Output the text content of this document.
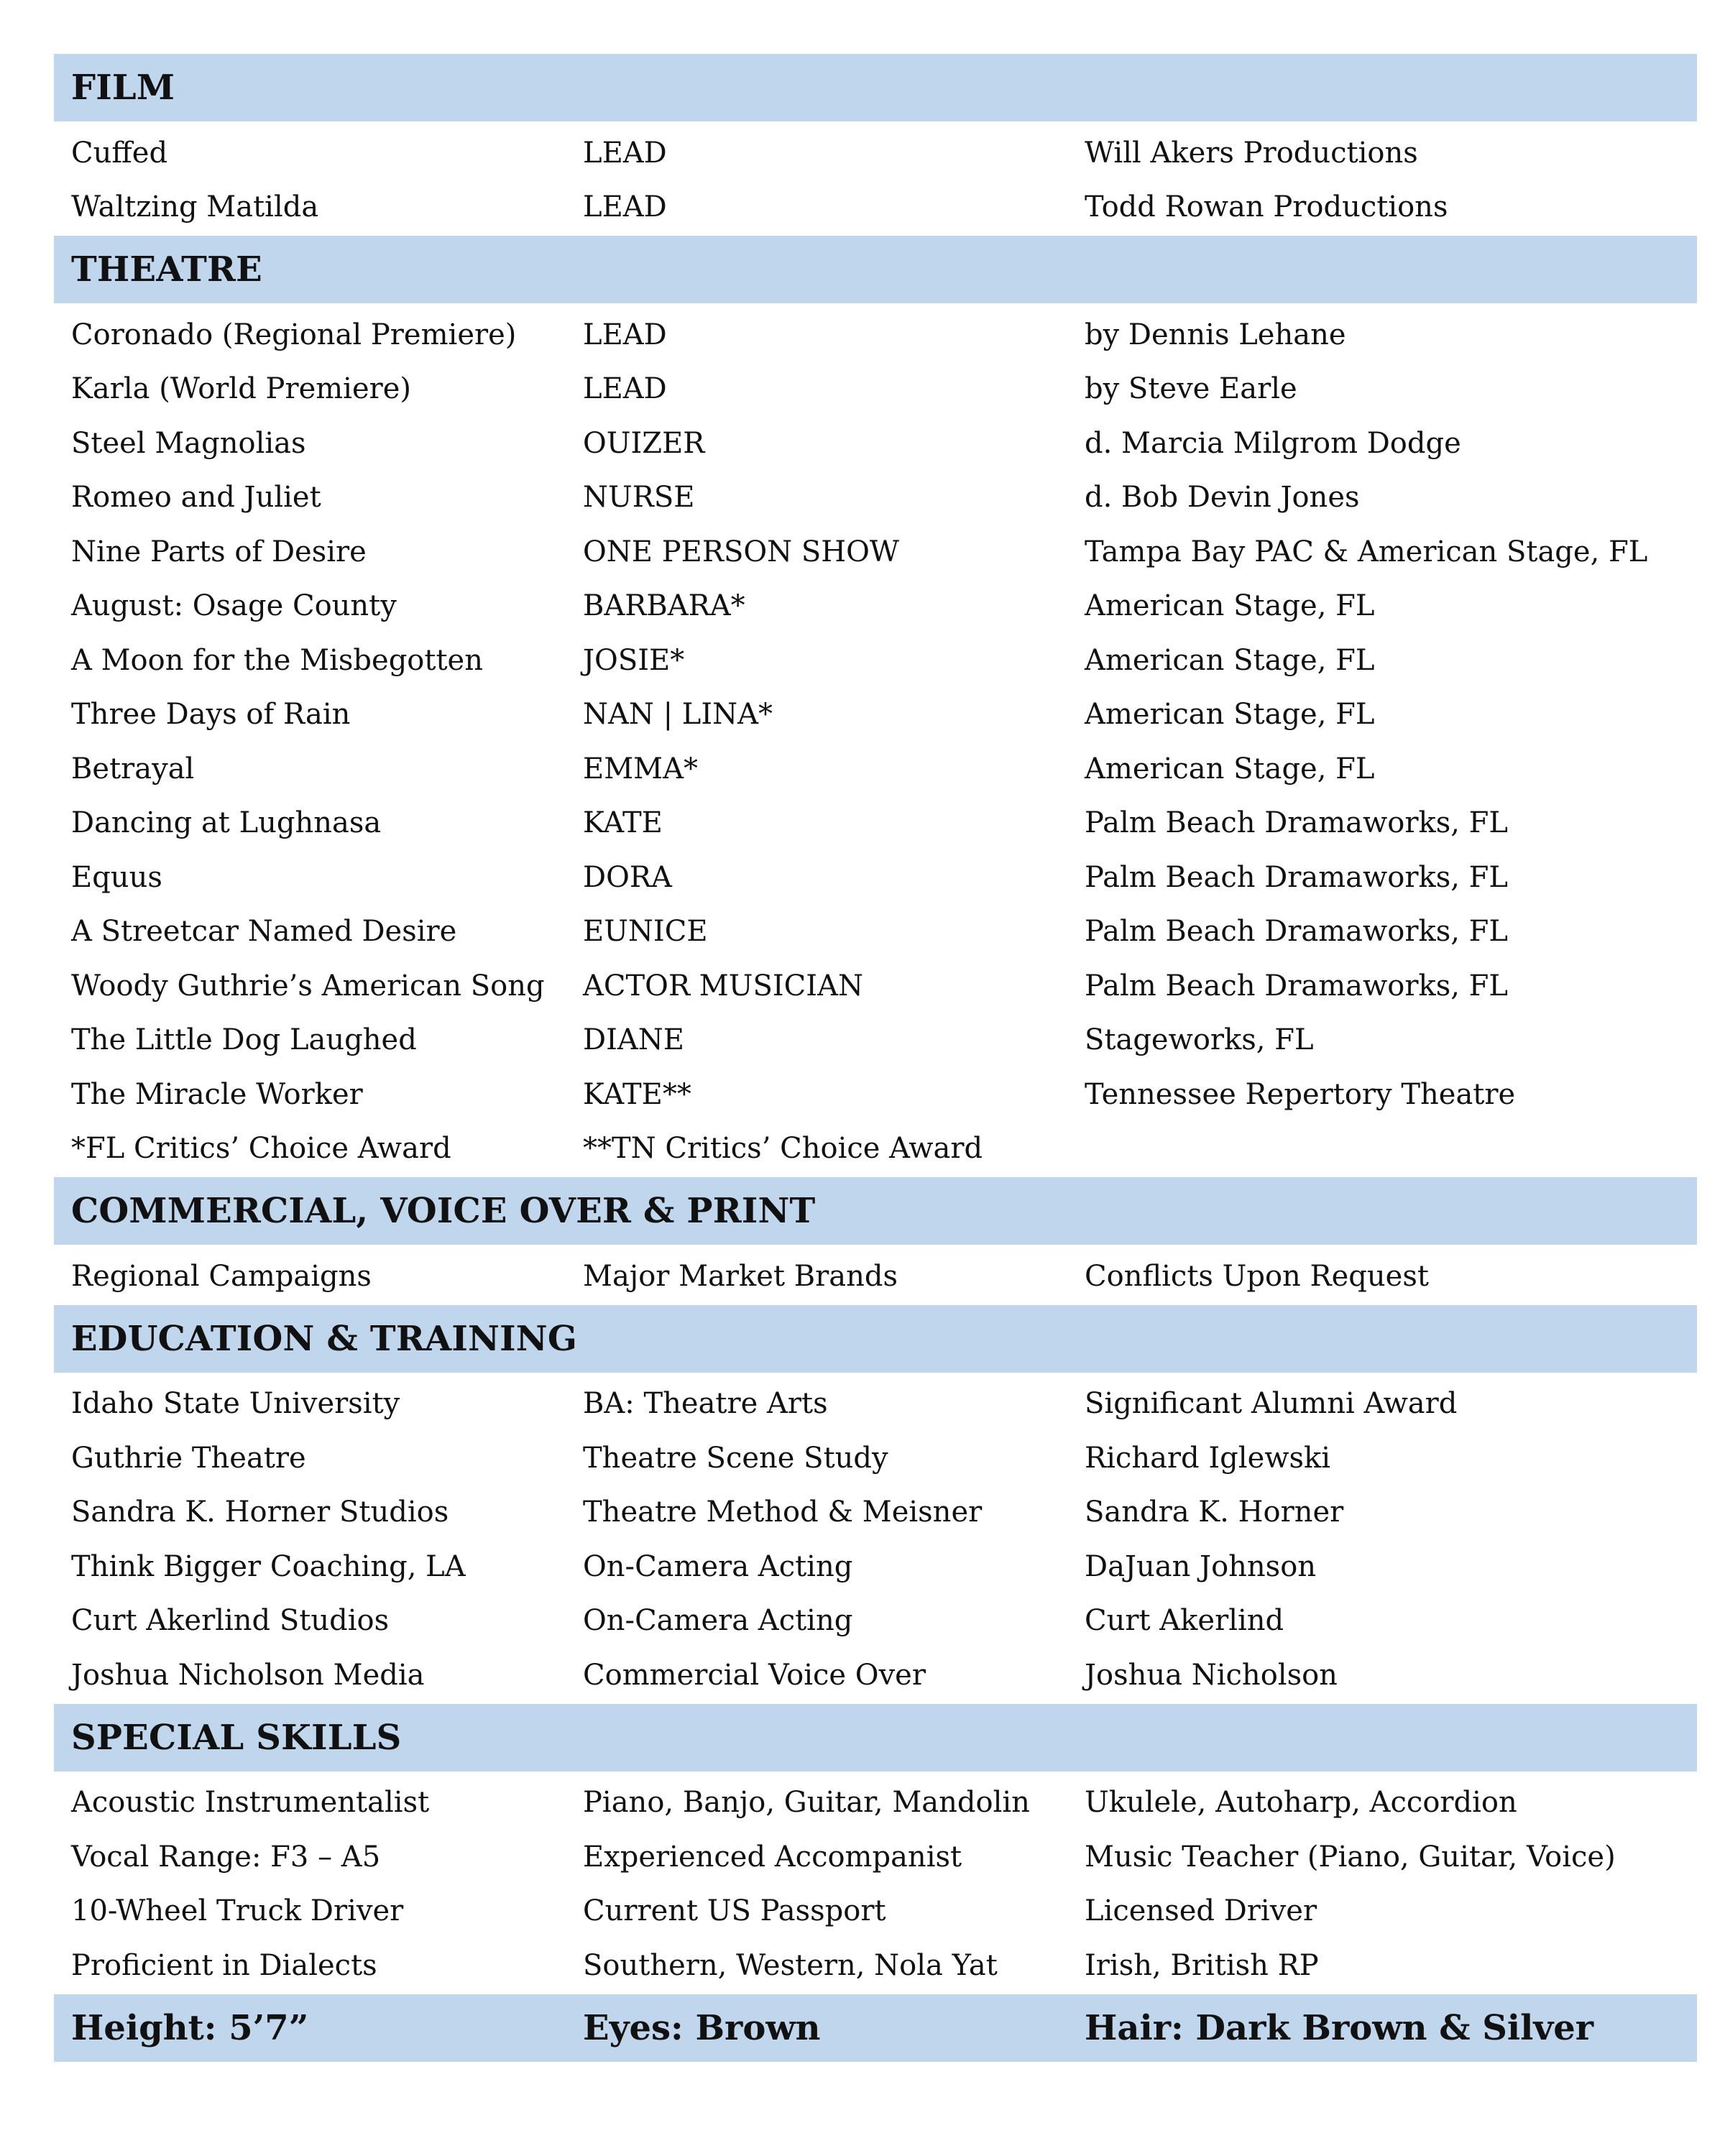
FILM
Cuffed	LEAD	Will Akers Productions
Waltzing Matilda	LEAD	Todd Rowan Productions
THEATRE
Coronado (Regional Premiere)	LEAD	by Dennis Lehane
Karla (World Premiere)	LEAD	by Steve Earle
Steel Magnolias	OUIZER	d. Marcia Milgrom Dodge
Romeo and Juliet	NURSE	d. Bob Devin Jones
Nine Parts of Desire	ONE PERSON SHOW	Tampa Bay PAC & American Stage, FL
August: Osage County	BARBARA*	American Stage, FL
A Moon for the Misbegotten	JOSIE*	American Stage, FL
Three Days of Rain	NAN | LINA*	American Stage, FL
Betrayal	EMMA*	American Stage, FL
Dancing at Lughnasa	KATE	Palm Beach Dramaworks, FL
Equus	DORA	Palm Beach Dramaworks, FL
A Streetcar Named Desire	EUNICE	Palm Beach Dramaworks, FL
Woody Guthrie’s American Song	ACTOR MUSICIAN	Palm Beach Dramaworks, FL
The Little Dog Laughed	DIANE	Stageworks, FL
The Miracle Worker	KATE**	Tennessee Repertory Theatre
*FL Critics’ Choice Award	**TN Critics’ Choice Award
COMMERCIAL, VOICE OVER & PRINT
Regional Campaigns	Major Market Brands	Conflicts Upon Request
EDUCATION & TRAINING
Idaho State University	BA: Theatre Arts	Significant Alumni Award
Guthrie Theatre	Theatre Scene Study	Richard Iglewski
Sandra K. Horner Studios	Theatre Method & Meisner	Sandra K. Horner
Think Bigger Coaching, LA	On-Camera Acting	DaJuan Johnson
Curt Akerlind Studios	On-Camera Acting	Curt Akerlind
Joshua Nicholson Media	Commercial Voice Over	Joshua Nicholson
SPECIAL SKILLS
Acoustic Instrumentalist	Piano, Banjo, Guitar, Mandolin	Ukulele, Autoharp, Accordion
Vocal Range: F3 – A5	Experienced Accompanist	Music Teacher (Piano, Guitar, Voice)
10-Wheel Truck Driver	Current US Passport	Licensed Driver
Proficient in Dialects	Southern, Western, Nola Yat	Irish, British RP
Height: 5’7”	Eyes: Brown	Hair: Dark Brown & Silver
